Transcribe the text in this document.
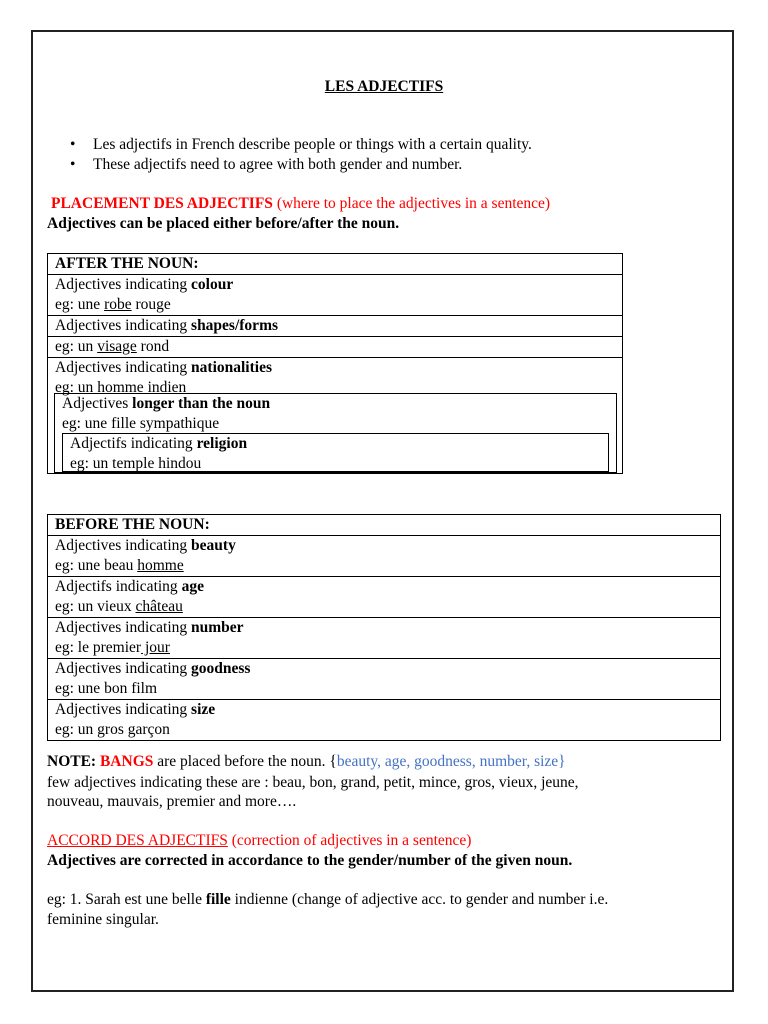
LES ADJECTIFS
• Les adjectifs in French describe people or things with a certain quality.
• These adjectifs need to agree with both gender and number.
PLACEMENT DES ADJECTIFS (where to place the adjectives in a sentence)
Adjectives can be placed either before/after the noun.
AFTER THE NOUN:
Adjectives indicating colour
eg: une robe rouge
Adjectives indicating shapes/forms
eg: un visage rond
Adjectives indicating nationalities
eg: un homme indien
Adjectives longer than the noun
eg: une fille sympathique
Adjectifs indicating religion
eg: un temple hindou
BEFORE THE NOUN:
Adjectives indicating beauty
eg: une beau homme
Adjectifs indicating age
eg: un vieux château
Adjectives indicating number
eg: le premier jour
Adjectives indicating goodness
eg: une bon film
Adjectives indicating size
eg: un gros garçon
NOTE: BANGS are placed before the noun. {beauty, age, goodness, number, size}
few adjectives indicating these are : beau, bon, grand, petit, mince, gros, vieux, jeune,
nouveau, mauvais, premier and more….
ACCORD DES ADJECTIFS (correction of adjectives in a sentence)
Adjectives are corrected in accordance to the gender/number of the given noun.
eg: 1. Sarah est une belle fille indienne (change of adjective acc. to gender and number i.e.
feminine singular.
